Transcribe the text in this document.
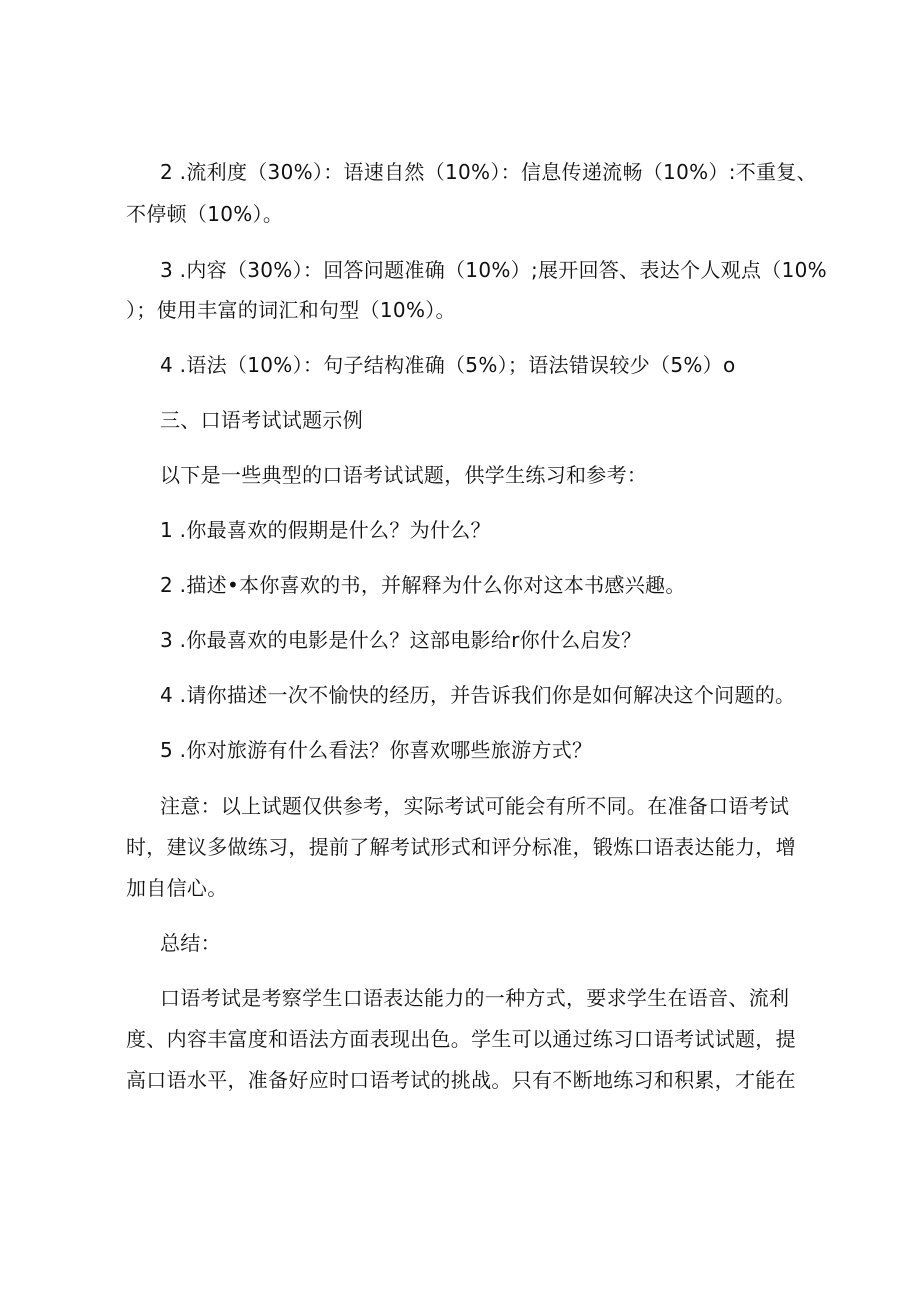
2 .流利度（30%）：语速自然（10%）：信息传递流畅（10%）:不重复、
不停顿（10%）。
3 .内容（30%）：回答问题准确（10%）;展开回答、表达个人观点（10%
）；使用丰富的词汇和句型（10%）。
4 .语法（10%）：句子结构准确（5%）；语法错误较少（5%）o
三、口语考试试题示例
以下是一些典型的口语考试试题，供学生练习和参考：
1 .你最喜欢的假期是什么？为什么？
2 .描述•本你喜欢的书，并解释为什么你对这本书感兴趣。
3 .你最喜欢的电影是什么？这部电影给r你什么启发？
4 .请你描述一次不愉快的经历，并告诉我们你是如何解决这个问题的。
5 .你对旅游有什么看法？你喜欢哪些旅游方式？
注意：以上试题仅供参考，实际考试可能会有所不同。在准备口语考试
时，建议多做练习，提前了解考试形式和评分标准，锻炼口语表达能力，增
加自信心。
总结：
口语考试是考察学生口语表达能力的一种方式，要求学生在语音、流利
度、内容丰富度和语法方面表现出色。学生可以通过练习口语考试试题，提
高口语水平，准备好应时口语考试的挑战。只有不断地练习和积累，才能在
